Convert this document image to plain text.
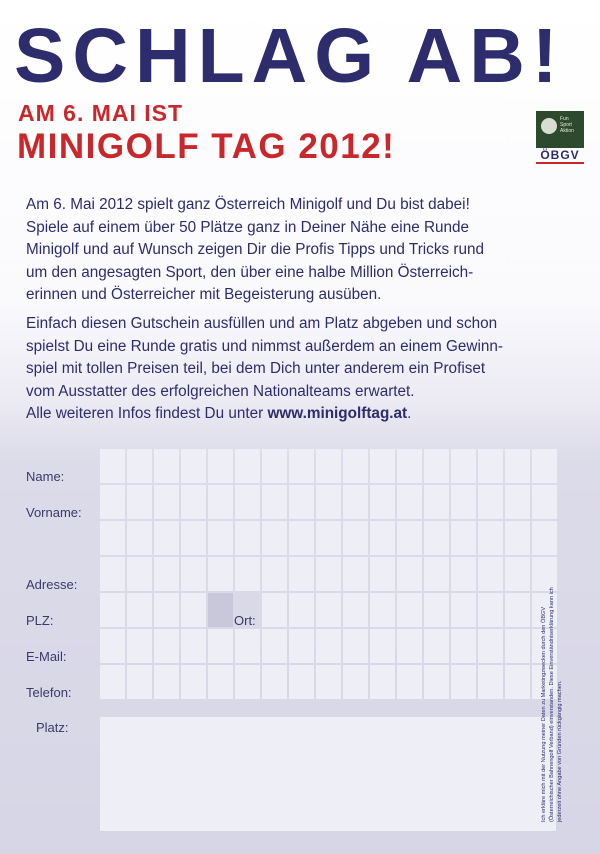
SCHLAG AB!
AM 6. MAI IST
MINIGOLF TAG 2012!
Fun
Sport
Aktion
ÖBGV
Am 6. Mai 2012 spielt ganz Österreich Minigolf und Du bist dabei!
Spiele auf einem über 50 Plätze ganz in Deiner Nähe eine Runde
Minigolf und auf Wunsch zeigen Dir die Profis Tipps und Tricks rund
um den angesagten Sport, den über eine halbe Million Österreich-
erinnen und Österreicher mit Begeisterung ausüben.
Einfach diesen Gutschein ausfüllen und am Platz abgeben und schon
spielst Du eine Runde gratis und nimmst außerdem an einem Gewinn-
spiel mit tollen Preisen teil, bei dem Dich unter anderem ein Profiset
vom Ausstatter des erfolgreichen Nationalteams erwartet.
Alle weiteren Infos findest Du unter www.minigolftag.at.
Name:
Vorname:
Adresse:
PLZ:	Ort:
E-Mail:
Telefon:
Platz:	Ich erkläre mich mit der Nutzung meiner Daten zu Marketingzwecken durch den ÖBGV (Österreichischer Bahnengolf Verband) einverstanden. Diese Einverständniserklärung kann ich jederzeit ohne Angabe von Gründen rückgängig machen.
